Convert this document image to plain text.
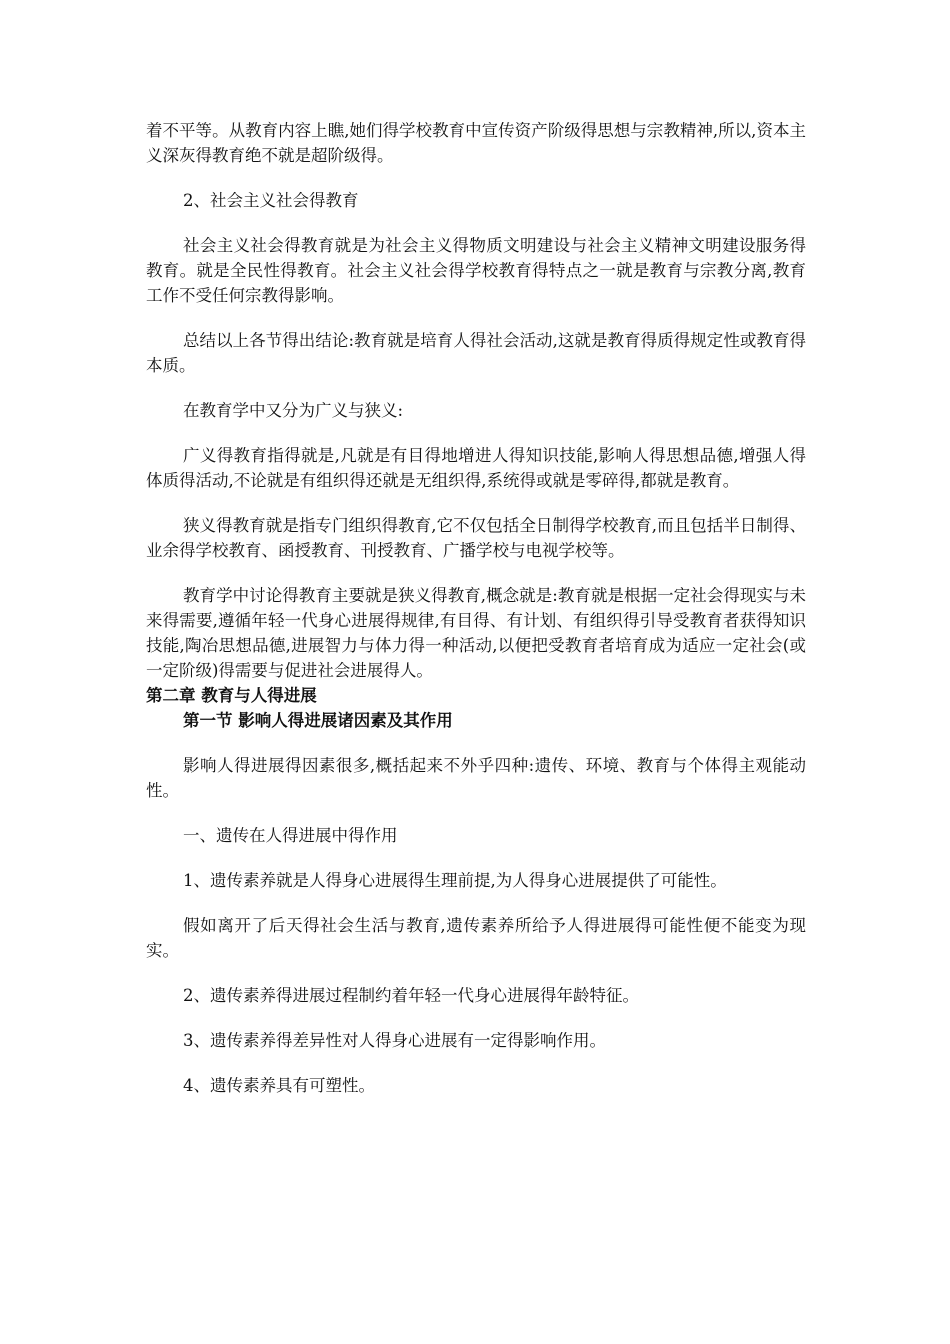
着不平等。从教育内容上瞧,她们得学校教育中宣传资产阶级得思想与宗教精神,所以,资本主义深灰得教育绝不就是超阶级得。

2、社会主义社会得教育

社会主义社会得教育就是为社会主义得物质文明建设与社会主义精神文明建设服务得教育。就是全民性得教育。社会主义社会得学校教育得特点之一就是教育与宗教分离,教育工作不受任何宗教得影响。

总结以上各节得出结论:教育就是培育人得社会活动,这就是教育得质得规定性或教育得本质。

在教育学中又分为广义与狭义:

广义得教育指得就是,凡就是有目得地增进人得知识技能,影响人得思想品德,增强人得体质得活动,不论就是有组织得还就是无组织得,系统得或就是零碎得,都就是教育。

狭义得教育就是指专门组织得教育,它不仅包括全日制得学校教育,而且包括半日制得、业余得学校教育、函授教育、刊授教育、广播学校与电视学校等。

教育学中讨论得教育主要就是狭义得教育,概念就是:教育就是根据一定社会得现实与未来得需要,遵循年轻一代身心进展得规律,有目得、有计划、有组织得引导受教育者获得知识技能,陶冶思想品德,进展智力与体力得一种活动,以便把受教育者培育成为适应一定社会(或一定阶级)得需要与促进社会进展得人。

第二章 教育与人得进展
第一节 影响人得进展诸因素及其作用

影响人得进展得因素很多,概括起来不外乎四种:遗传、环境、教育与个体得主观能动性。

一、遗传在人得进展中得作用

1、遗传素养就是人得身心进展得生理前提,为人得身心进展提供了可能性。

假如离开了后天得社会生活与教育,遗传素养所给予人得进展得可能性便不能变为现实。

2、遗传素养得进展过程制约着年轻一代身心进展得年龄特征。

3、遗传素养得差异性对人得身心进展有一定得影响作用。

4、遗传素养具有可塑性。
